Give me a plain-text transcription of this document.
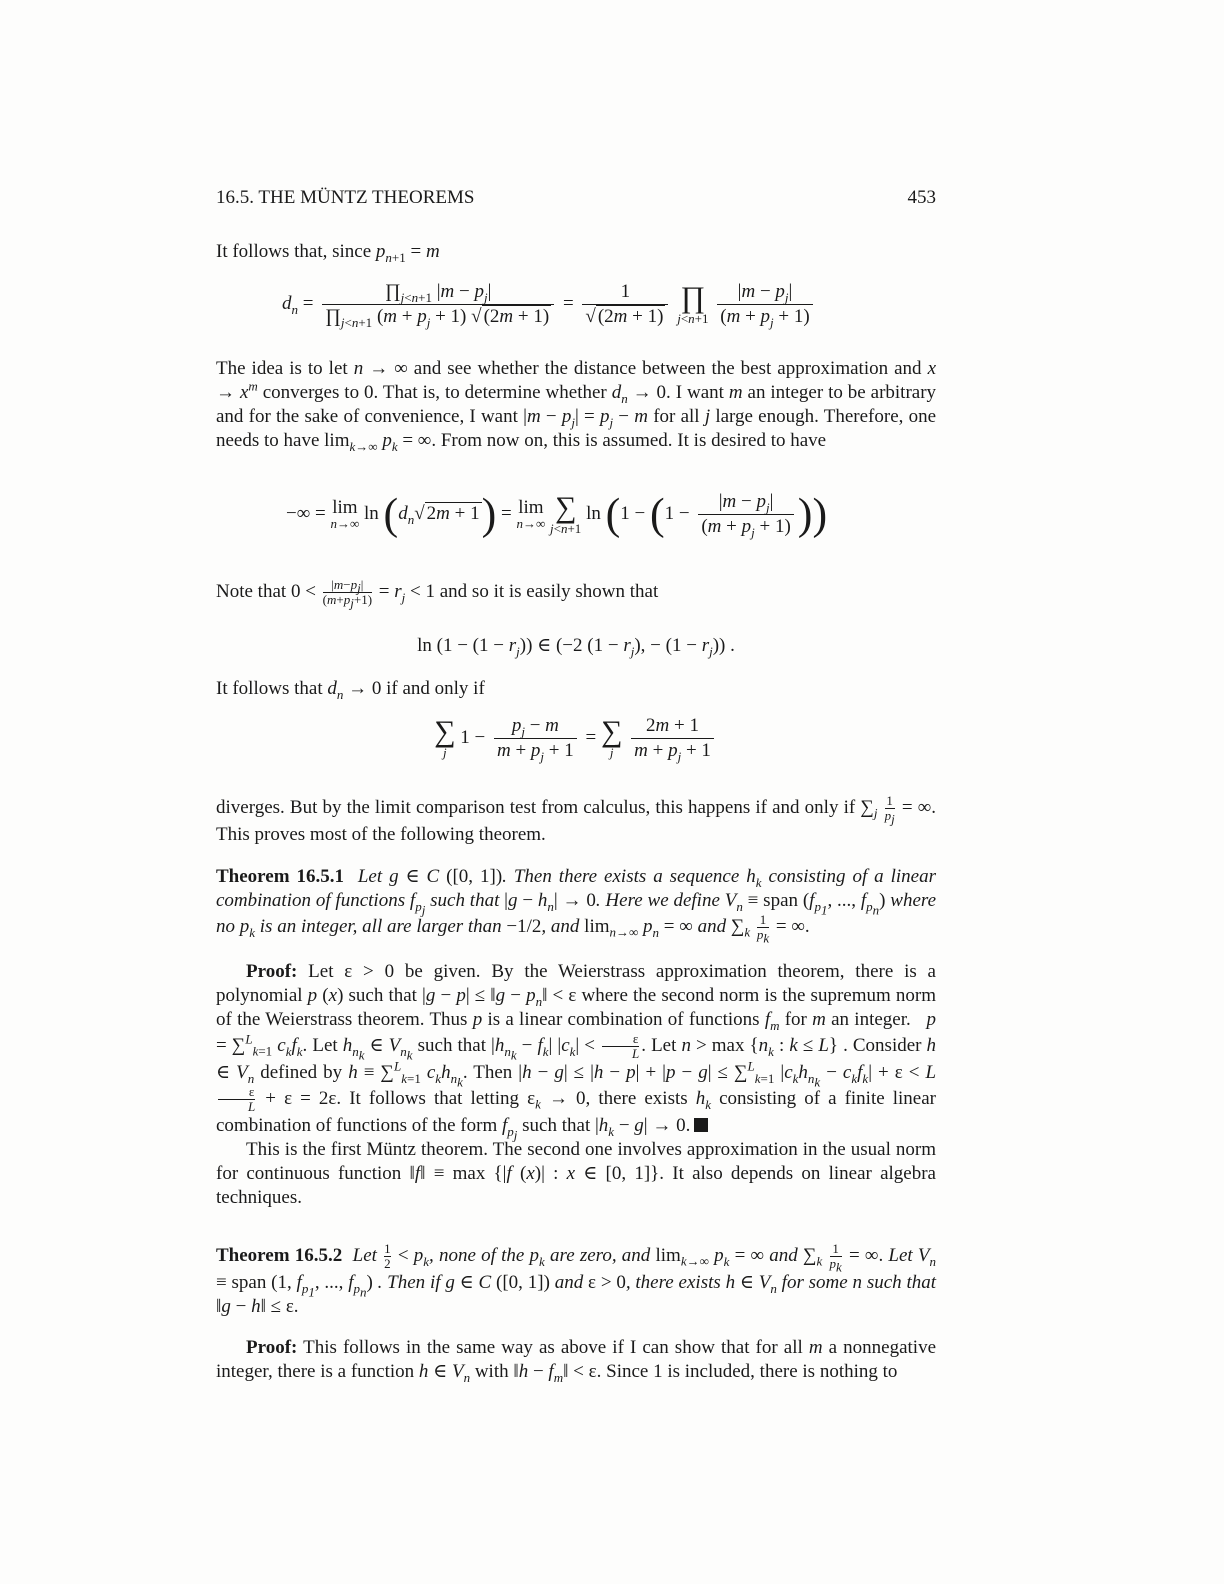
16.5. THE MÜNTZ THEOREMS	453

It follows that, since $p_{n+1} = m$

$d_n = \frac{\prod_{j<n+1} |m - p_j|}{\prod_{j<n+1} (m + p_j + 1) √ (2m + 1)} = \frac{1}{√ (2m + 1)}$
∏
j<n+1
$\frac{|m - p_j|}{(m + p_j + 1)}$

The idea is to let n → ∞ and see whether the distance between the best approximation and $x \to x^m$ converges to 0. That is, to determine whether $d_n \to 0$. I want m an integer to be arbitrary and for the sake of convenience, I want $|m - p_j| = p_j - m$ for all j large enough. Therefore, one needs to have $\lim_{k\to\infty} p_k$ = ∞. From now on, this is assumed. It is desired to have

−∞ = lim
n→∞ $\ln (d_n√$ 2m + 1) = lim
n→∞
∑
j<n+1
$\ln (1 - (1 - \frac{|m - p_j|}{(m + p_j + 1)}$ ))

Note that $0 < \frac{|m-p_j|}{(m+p_j+1)} = r_j < 1$ and so it is easily shown that

$\ln (1 - (1 - r_j))$ ∈ (−2 $(1 - r_j)$, − $(1 - r_j)$) .

It follows that $d_n \to 0$ if and only if

∑
j
$1 - \frac{p_j - m}{m + p_j + 1}$ = ∑
j
$\frac{2m + 1}{m + p_j + 1}$

diverges. But by the limit comparison test from calculus, this happens if and only if $\sum_j \frac{1}{p_j}$ = ∞. This proves most of the following theorem.

Theorem 16.5.1 Let g ∈ C ([0, 1]). Then there exists a sequence $h_k$ consisting of a linear combination of functions $f_{p_j}$ such that $|g - h_n| \to 0$. Here we define $V_n$ ≡ span ($f_{p_1}$, ..., $f_{p_n}$) where no $p_k$ is an integer, all are larger than −1/2, and $\lim_{n\to\infty} p_n$ = ∞ and $\sum_k \frac{1}{p_k}$ = ∞.

Proof: Let ε > 0 be given. By the Weierstrass approximation theorem, there is a polynomial p (x) such that |g − p| ≤ ‖g − $p_n‖ < \varepsilon$ where the second norm is the supremum norm of the Weierstrass theorem. Thus p is a linear combination of functions $f_m$ for m an integer.   p = ∑$^L_{k=1}$ $c_kf_k$. Let $h_{n_k}$ ∈ $V_{n_k}$ such that $|h_{n_k} - f_k|$ $|c_k| < \frac{\varepsilon}{L}$ . Let $n > \max \{n_k$ : k ≤ L} . Consider h ∈ $V_n$ defined by h ≡ ∑$^L_{k=1}$ $c_kh_{n_k}$. Then |h − g| ≤ |h − p| + |p − g| ≤ ∑$^L_{k=1}$ $|c_kh_{n_k} - c_kf_k| + \varepsilon < L$
$\frac{\varepsilon}{L} + \varepsilon = 2\varepsilon$. It follows that letting $\varepsilon_k \to 0$, there exists $h_k$ consisting of a finite linear combination of functions of the form $f_{p_j}$ such that $|h_k - g| \to 0$.

This is the first Müntz theorem. The second one involves approximation in the usual norm for continuous function ‖f‖ ≡ max {|f (x)| : x ∈ [0, 1]}. It also depends on linear algebra techniques.

Theorem 16.5.2 Let $\frac{1}{2} < p_k$, none of the $p_k$ are zero, and $\lim_{k\to\infty} p_k$ = ∞ and $\sum_k \frac{1}{p_k}$ = ∞. Let $V_n$ ≡ span (1, $f_{p_1}$, ..., $f_{p_n}$) . Then if g ∈ C ([0, 1]) and ε > 0, there exists h ∈ $V_n$ for some n such that ‖g − h‖ ≤ ε.

Proof: This follows in the same way as above if I can show that for all m a nonnegative integer, there is a function h ∈ $V_n$ with ‖h − $f_m‖ < \varepsilon$. Since 1 is included, there is nothing to
